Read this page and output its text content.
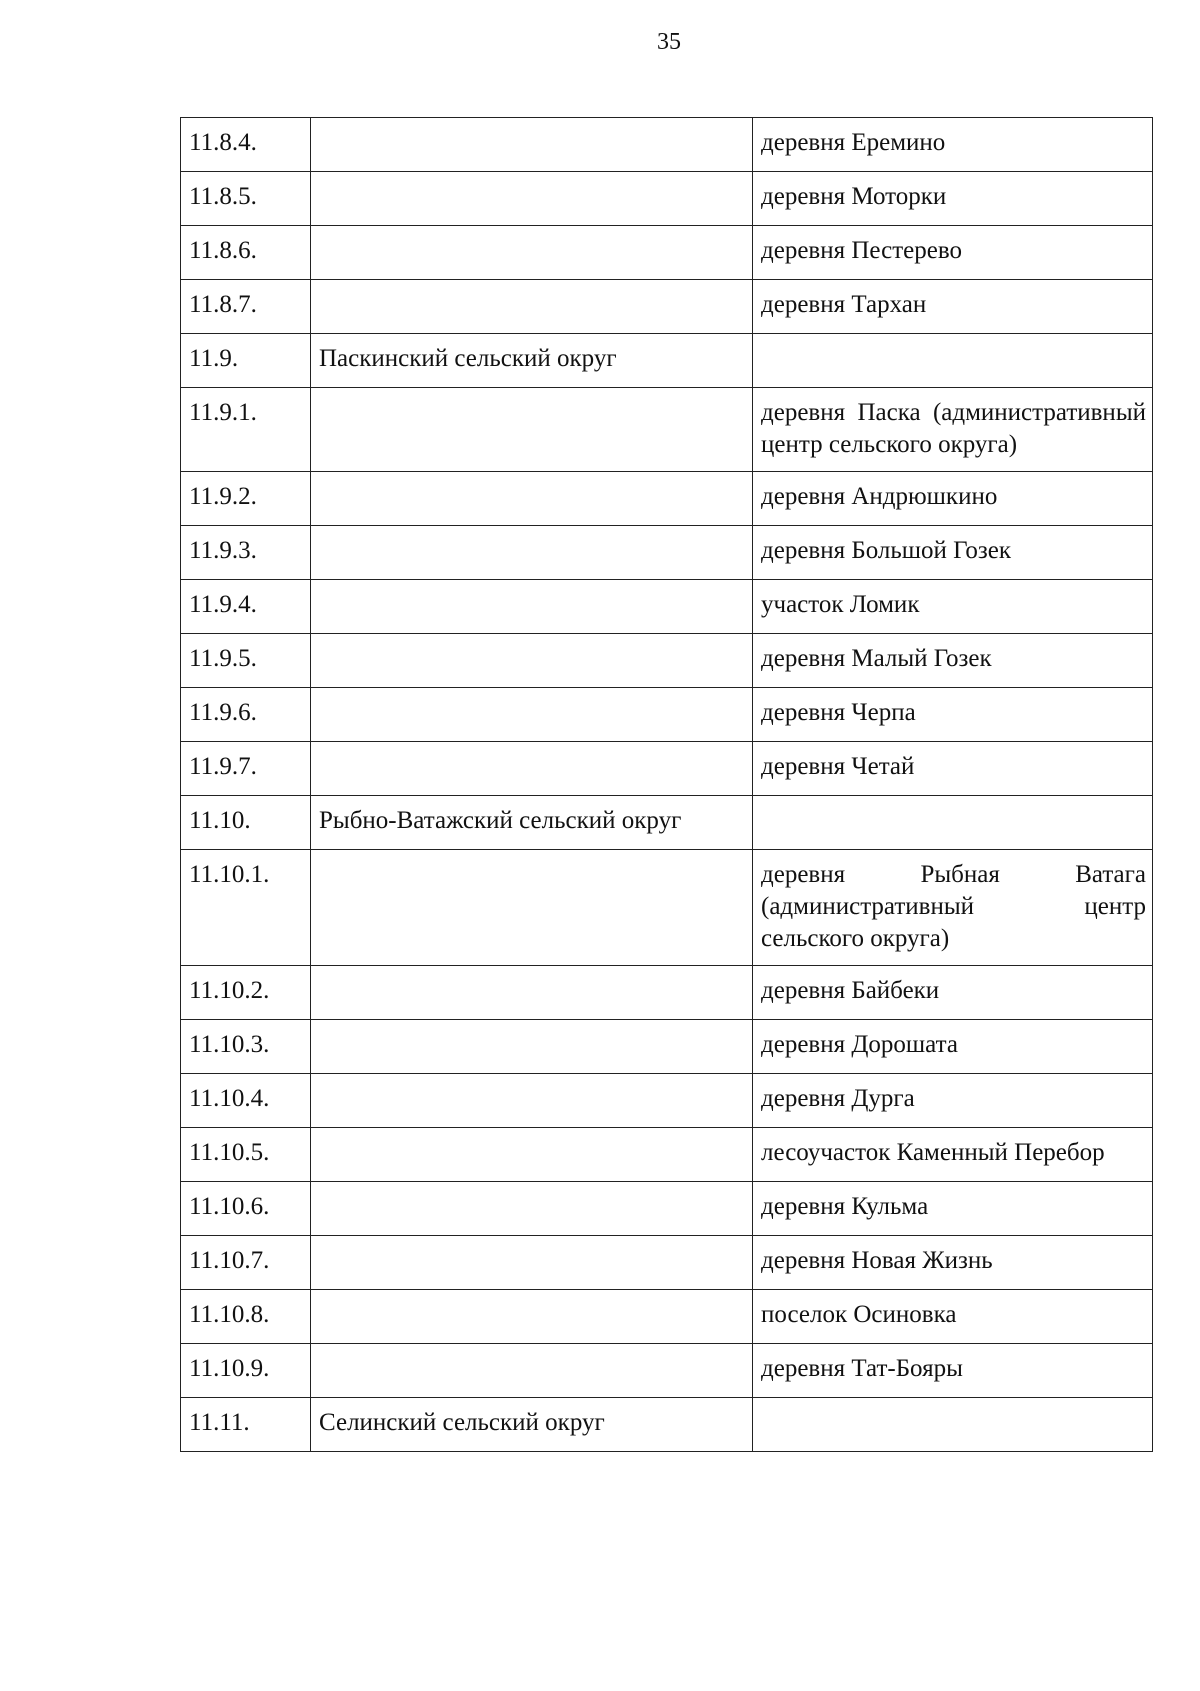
35
11.8.4.		деревня Еремино
11.8.5.		деревня Моторки
11.8.6.		деревня Пестерево
11.8.7.		деревня Тархан
11.9.	Паскинский сельский округ	
11.9.1.		деревня Паска (административный центр сельского округа)
11.9.2.		деревня Андрюшкино
11.9.3.		деревня Большой Гозек
11.9.4.		участок Ломик
11.9.5.		деревня Малый Гозек
11.9.6.		деревня Черпа
11.9.7.		деревня Четай
11.10.	Рыбно-Ватажский сельский округ	
11.10.1.		деревня Рыбная Ватага (административный центр сельского округа)
11.10.2.		деревня Байбеки
11.10.3.		деревня Дорошата
11.10.4.		деревня Дурга
11.10.5.		лесоучасток Каменный Перебор
11.10.6.		деревня Кульма
11.10.7.		деревня Новая Жизнь
11.10.8.		поселок Осиновка
11.10.9.		деревня Тат-Бояры
11.11.	Селинский сельский округ	
